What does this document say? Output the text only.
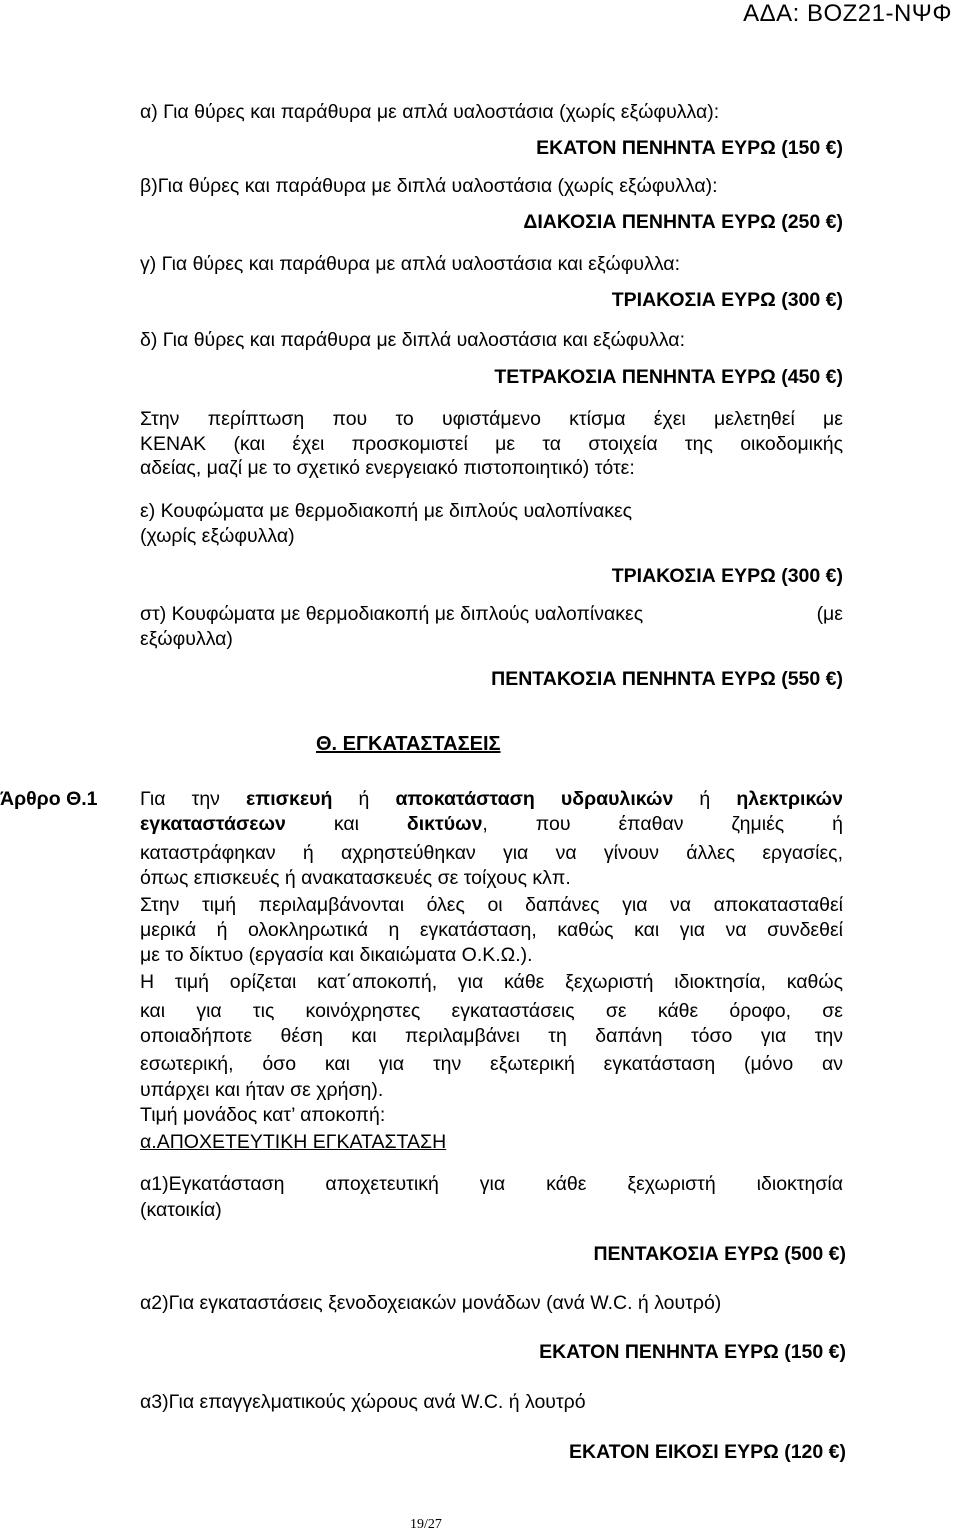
ΑΔΑ: ΒΟΖ21-ΝΨΦ
α) Για θύρες και παράθυρα με απλά υαλοστάσια (χωρίς εξώφυλλα):
ΕΚΑΤΟΝ ΠΕΝΗΝΤΑ ΕΥΡΩ (150 €)
β)Για θύρες και παράθυρα με διπλά υαλοστάσια (χωρίς εξώφυλλα):
ΔΙΑΚΟΣΙΑ ΠΕΝΗΝΤΑ ΕΥΡΩ (250 €)
γ) Για θύρες και παράθυρα με απλά υαλοστάσια και εξώφυλλα:
ΤΡΙΑΚΟΣΙΑ ΕΥΡΩ (300 €)
δ) Για θύρες και παράθυρα με διπλά υαλοστάσια και εξώφυλλα:
ΤΕΤΡΑΚΟΣΙΑ ΠΕΝΗΝΤΑ ΕΥΡΩ (450 €)
Στην περίπτωση που το υφιστάμενο κτίσμα έχει μελετηθεί με
ΚΕΝΑΚ (και έχει προσκομιστεί με τα στοιχεία της οικοδομικής
αδείας, μαζί με το σχετικό ενεργειακό πιστοποιητικό) τότε:
ε) Κουφώματα με θερμοδιακοπή με διπλούς υαλοπίνακες
(χωρίς εξώφυλλα)
ΤΡΙΑΚΟΣΙΑ ΕΥΡΩ (300 €)
στ) Κουφώματα με θερμοδιακοπή με διπλούς υαλοπίνακες	(με
εξώφυλλα)
ΠΕΝΤΑΚΟΣΙΑ ΠΕΝΗΝΤΑ ΕΥΡΩ (550 €)
Θ. ΕΓΚΑΤΑΣΤΑΣΕΙΣ
Άρθρο Θ.1 Για την επισκευή ή αποκατάσταση υδραυλικών ή ηλεκτρικών
εγκαταστάσεων και δικτύων, που έπαθαν ζημιές ή
καταστράφηκαν ή αχρηστεύθηκαν για να γίνουν άλλες εργασίες,
όπως επισκευές ή ανακατασκευές σε τοίχους κλπ.
Στην τιμή περιλαμβάνονται όλες οι δαπάνες για να αποκατασταθεί
μερικά ή ολοκληρωτικά η εγκατάσταση, καθώς και για να συνδεθεί
με το δίκτυο (εργασία και δικαιώματα Ο.Κ.Ω.).
Η τιμή ορίζεται κατ΄αποκοπή, για κάθε ξεχωριστή ιδιοκτησία, καθώς
και για τις κοινόχρηστες εγκαταστάσεις σε κάθε όροφο, σε
οποιαδήποτε θέση και περιλαμβάνει τη δαπάνη τόσο για την
εσωτερική, όσο και για την εξωτερική εγκατάσταση (μόνο αν
υπάρχει και ήταν σε χρήση).
Τιμή μονάδος κατ’ αποκοπή:
α.ΑΠΟΧΕΤΕΥΤΙΚΗ ΕΓΚΑΤΑΣΤΑΣΗ
α1)Εγκατάσταση αποχετευτική για κάθε ξεχωριστή ιδιοκτησία
(κατοικία)
ΠΕΝΤΑΚΟΣΙΑ ΕΥΡΩ (500 €)
α2)Για εγκαταστάσεις ξενοδοχειακών μονάδων (ανά W.C. ή λουτρό)
ΕΚΑΤΟΝ ΠΕΝΗΝΤΑ ΕΥΡΩ (150 €)
α3)Για επαγγελματικούς χώρους ανά W.C. ή λουτρό
ΕΚΑΤΟΝ ΕΙΚΟΣΙ ΕΥΡΩ (120 €)
19/27
